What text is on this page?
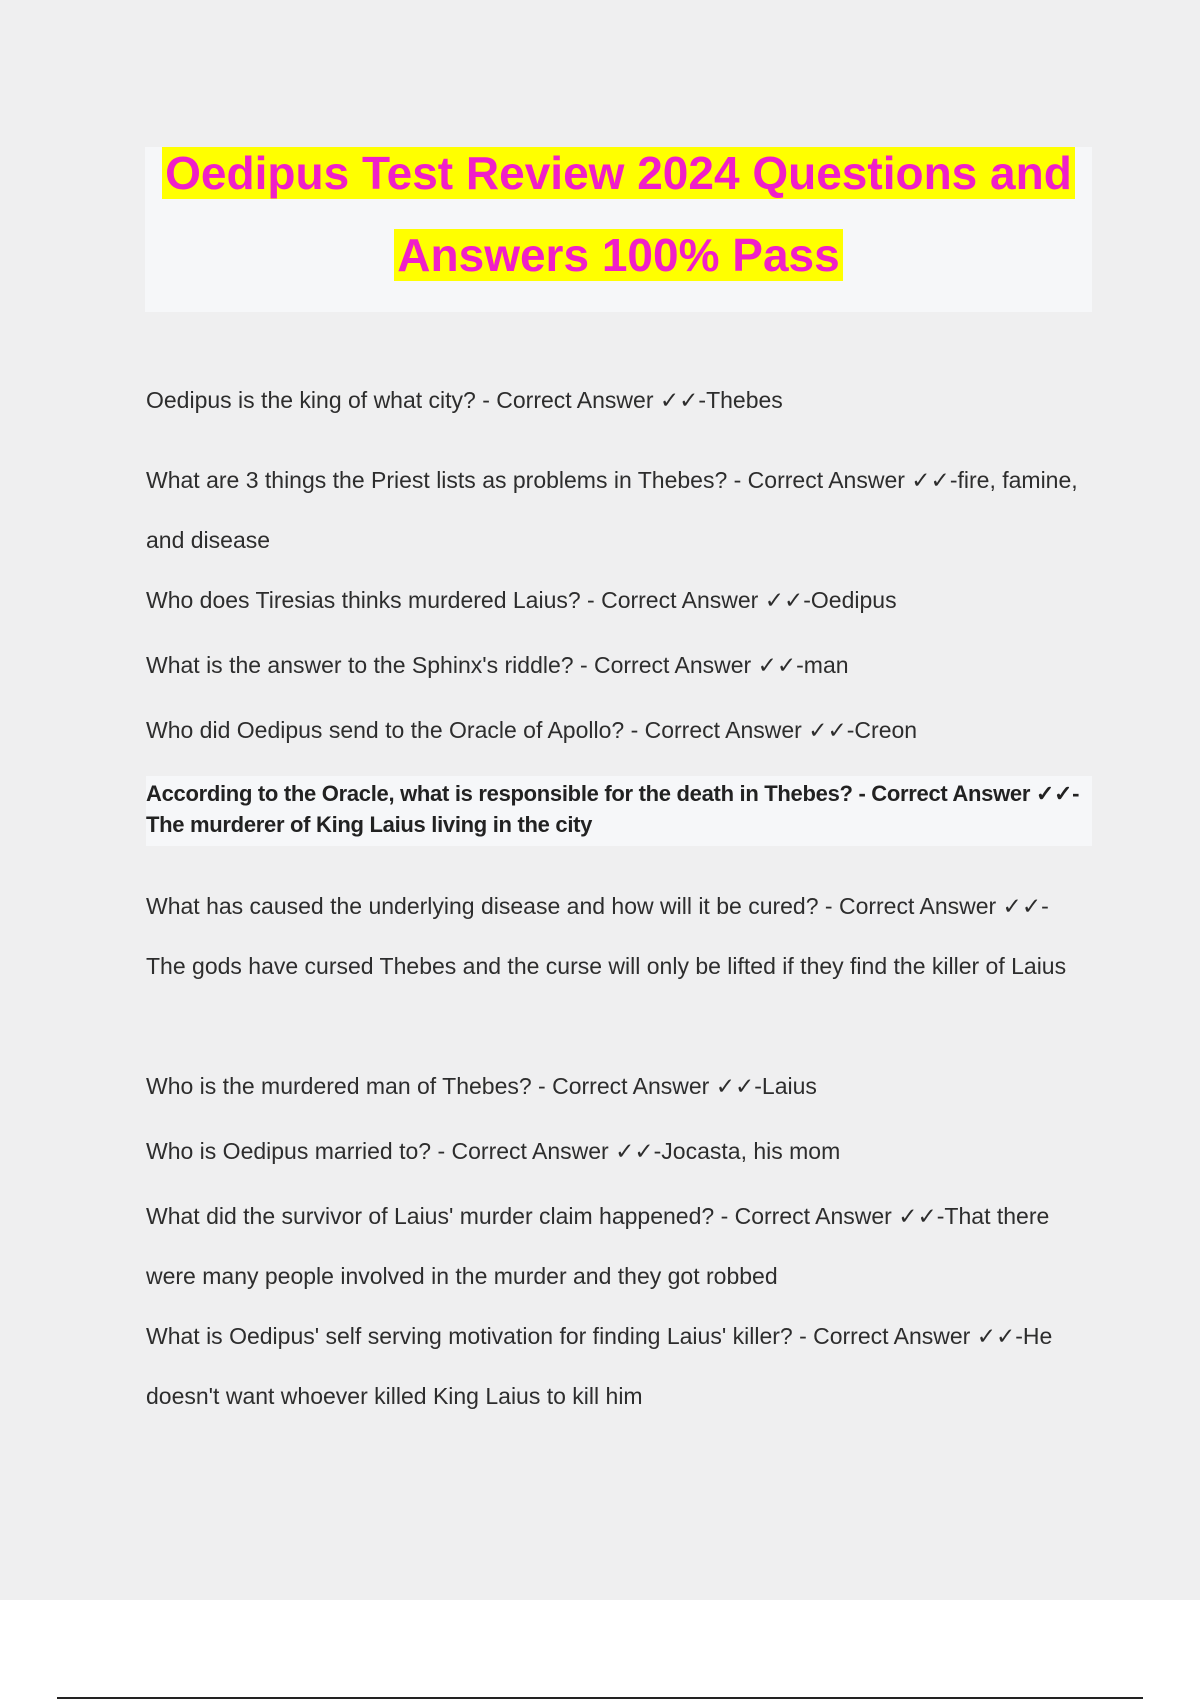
Oedipus Test Review 2024 Questions and
Answers 100% Pass

Oedipus is the king of what city? - Correct Answer ✓✓-Thebes

What are 3 things the Priest lists as problems in Thebes? - Correct Answer ✓✓-fire, famine, and disease

Who does Tiresias thinks murdered Laius? - Correct Answer ✓✓-Oedipus

What is the answer to the Sphinx's riddle? - Correct Answer ✓✓-man

Who did Oedipus send to the Oracle of Apollo? - Correct Answer ✓✓-Creon

According to the Oracle, what is responsible for the death in Thebes? - Correct Answer ✓✓-The murderer of King Laius living in the city

What has caused the underlying disease and how will it be cured? - Correct Answer ✓✓-The gods have cursed Thebes and the curse will only be lifted if they find the killer of Laius

Who is the murdered man of Thebes? - Correct Answer ✓✓-Laius

Who is Oedipus married to? - Correct Answer ✓✓-Jocasta, his mom

What did the survivor of Laius' murder claim happened? - Correct Answer ✓✓-That there were many people involved in the murder and they got robbed

What is Oedipus' self serving motivation for finding Laius' killer? - Correct Answer ✓✓-He doesn't want whoever killed King Laius to kill him
